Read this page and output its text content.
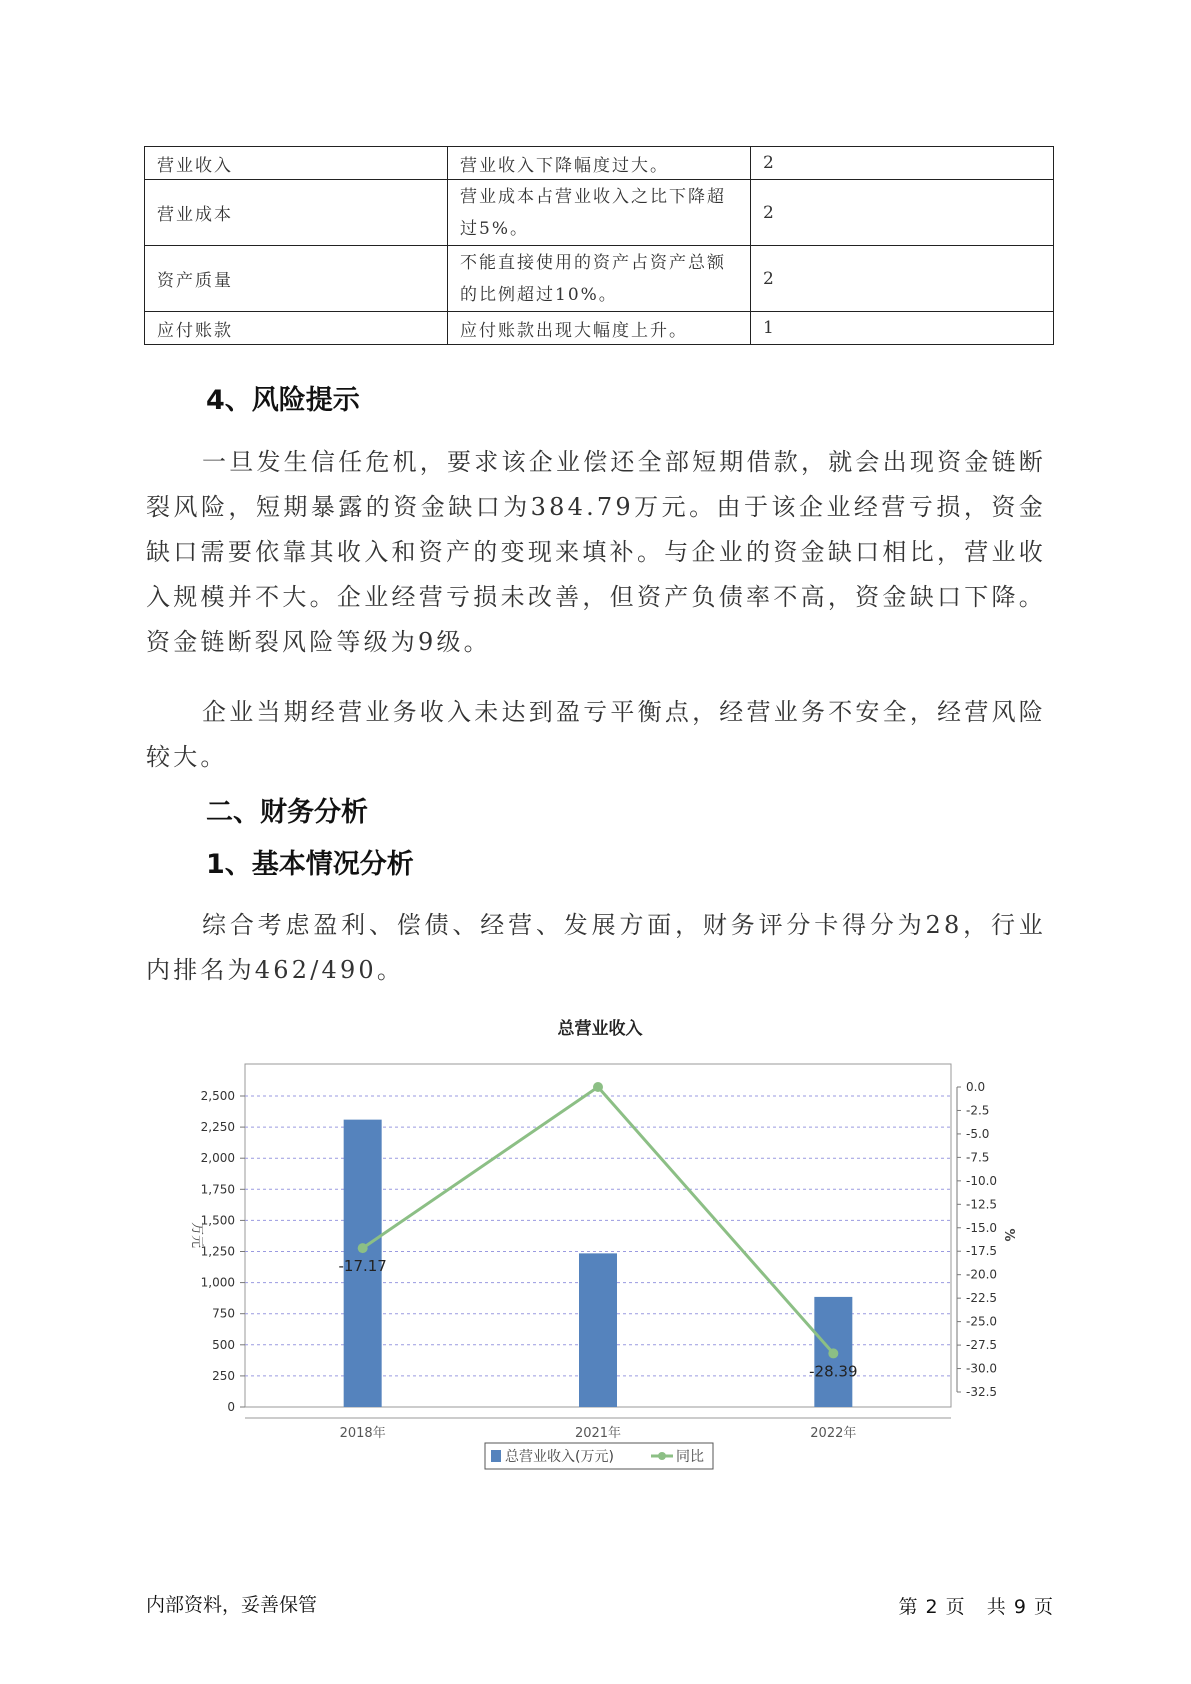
营业收入	营业收入下降幅度过大。	2
营业成本	营业成本占营业收入之比下降超过5%。	2
资产质量	不能直接使用的资产占资产总额的比例超过10%。	2
应付账款	应付账款出现大幅度上升。	1
4、风险提示
一旦发生信任危机，要求该企业偿还全部短期借款，就会出现资金链断裂风险，短期暴露的资金缺口为384.79万元。由于该企业经营亏损，资金缺口需要依靠其收入和资产的变现来填补。与企业的资金缺口相比，营业收入规模并不大。企业经营亏损未改善，但资产负债率不高，资金缺口下降。资金链断裂风险等级为9级。
企业当期经营业务收入未达到盈亏平衡点，经营业务不安全，经营风险较大。
二、财务分析
1、基本情况分析
综合考虑盈利、偿债、经营、发展方面，财务评分卡得分为28，行业内排名为462/490。
总营业收入
-17.17
-28.39
0
250
500
750
1,000
1,250
1,500
1,750
2,000
2,250
2,500
0.0
-2.5
-5.0
-7.5
-10.0
-12.5
-15.0
-17.5
-20.0
-22.5
-25.0
-27.5
-30.0
-32.5
2018年	2021年	2022年
万元	%
总营业收入(万元)	同比
内部资料，妥善保管	第 2 页   共 9 页
